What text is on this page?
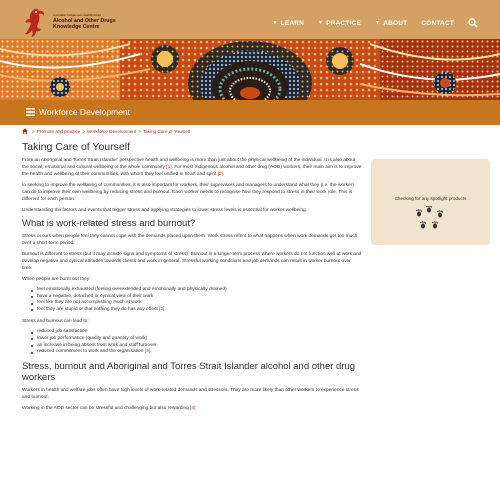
Australian Indigenous HealthInfoNet
Alcohol and Other Drugs
Knowledge Centre
▼ LEARN	▼ PRACTICE	▼ ABOUT CONTACT
Workforce Development
> Promote and practice > Workforce Development > Taking Care of Yourself
Taking Care of Yourself

From an Aboriginal and Torres Strait Islander’ perspective health and wellbeing is more than just about the physical wellbeing of the individual. It is also about the social, emotional and cultural wellbeing of the whole community [1]. For most Indigenous alcohol and other drug (AOD) workers, their main aim is to improve the health and wellbeing of their communities, with whom they feel unified in heart and spirit [2].

In seeking to improve the wellbeing of communities, it is also important for workers, their supervisors and managers to understand what they (i.e. the worker) can do to improve their own wellbeing by reducing stress and burnout. Each worker needs to recognise how they respond to stress in their work role. This is different for each person.

Understanding the factors and events that trigger stress and applying strategies to lower stress levels is essential for worker wellbeing.

What is work-related stress and burnout?

Stress occurs when people feel they cannot cope with the demands placed upon them. Work stress refers to what happens when work demands get too much over a short-term period.

Burnout is different to stress (but it may include signs and symptoms of stress). Burnout is a longer-term process where workers do not function well at work and develop negative and cynical attitudes towards clients and work in general. Stressful working conditions and job demands can result in worker burnout over time.

When people are burnt out they:

feel emotionally exhausted (feeling overextended and emotionally and physically drained)
have a negative, detached or cynical view of their work
feel like they are not accomplishing much at work
feel they are stupid or that nothing they do has any effect [2].

Stress and burnout can lead to:

reduced job satisfaction
lower job performance (quality and quantity of work)
an increase in being absent from work and staff turnover
reduced commitment to work and the organisation [3].
Stress, burnout and Aboriginal and Torres Strait Islander alcohol and other drug workers

Workers in health and welfare jobs often have high levels of work-related demands and stressors. They are more likely than other workers to experience stress and burnout.

Working in the AOD sector can be stressful and challenging but also rewarding [4]

Checking for any spotlight products
